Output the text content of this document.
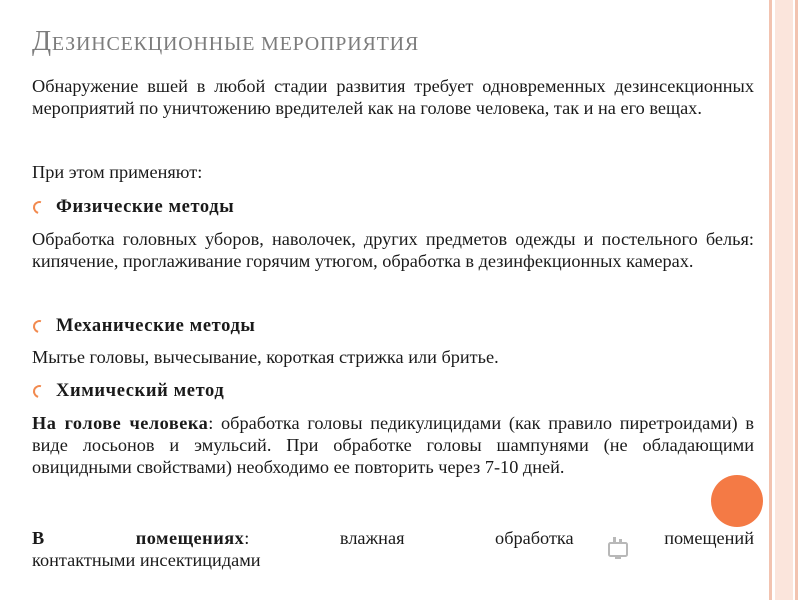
ДЕЗИНСЕКЦИОННЫЕ МЕРОПРИЯТИЯ
Обнаружение вшей в любой стадии развития требует одновременных дезинсекционных мероприятий по уничтожению вредителей как на голове человека, так и на его вещах.
При этом применяют:
Физические методы
Обработка головных уборов, наволочек, других предметов одежды и постельного белья: кипячение, проглаживание горячим утюгом, обработка в дезинфекционных камерах.
Механические методы
Мытье головы, вычесывание, короткая стрижка или бритье.
Химический метод
На голове человека: обработка головы педикулицидами (как правило пиретроидами) в виде лосьонов и эмульсий. При обработке головы шампунями (не обладающими овицидными свойствами) необходимо ее повторить через 7-10 дней.
В помещениях:	влажная	обработка	помещений
контактными инсектицидами
